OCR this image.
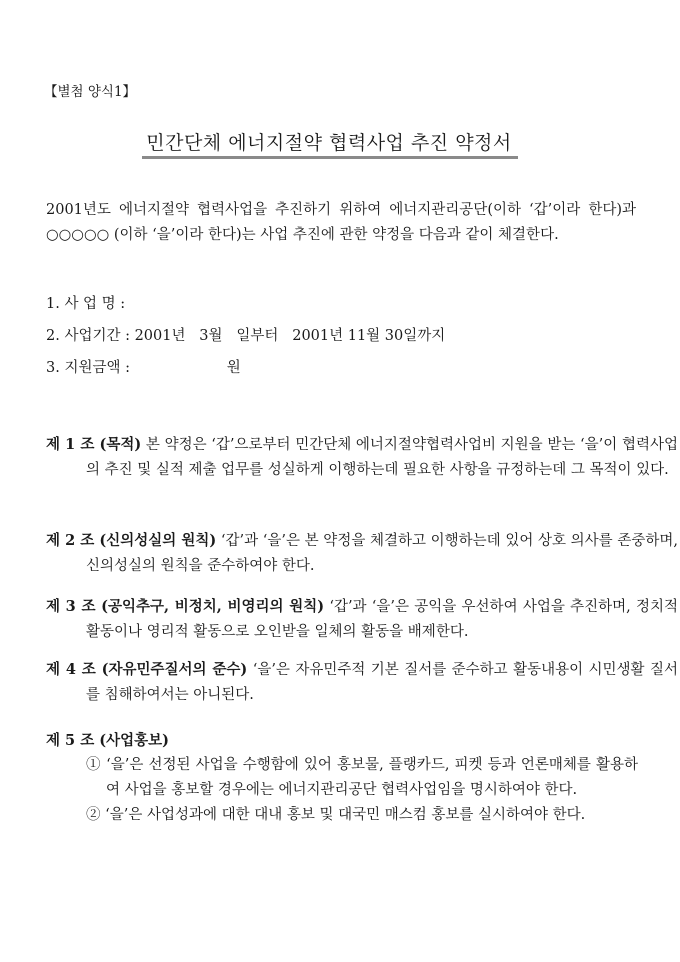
【별첨 양식1】
민간단체 에너지절약 협력사업 추진 약정서
2001년도 에너지절약 협력사업을 추진하기 위하여 에너지관리공단(이하 ‘갑’이라 한다)과 ○○○○○ (이하 ‘을’이라 한다)는 사업 추진에 관한 약정을 다음과 같이 체결한다.
1. 사 업 명 :
2. 사업기간 : 2001년   3월   일부터   2001년 11월 30일까지
3. 지원금액 :                     원
제 1 조 (목적) 본 약정은 ‘갑’으로부터 민간단체 에너지절약협력사업비 지원을 받는 ‘을’이 협력사업의 추진 및 실적 제출 업무를 성실하게 이행하는데 필요한 사항을 규정하는데 그 목적이 있다.
제 2 조 (신의성실의 원칙) ‘갑’과 ‘을’은 본 약정을 체결하고 이행하는데 있어 상호 의사를 존중하며, 신의성실의 원칙을 준수하여야 한다.
제 3 조 (공익추구, 비정치, 비영리의 원칙) ‘갑’과 ‘을’은 공익을 우선하여 사업을 추진하며, 정치적 활동이나 영리적 활동으로 오인받을 일체의 활동을 배제한다.
제 4 조 (자유민주질서의 준수) ‘을’은 자유민주적 기본 질서를 준수하고 활동내용이 시민생활 질서를 침해하여서는 아니된다.
제 5 조 (사업홍보)
① ‘을’은 선정된 사업을 수행함에 있어 홍보물, 플랭카드, 피켓 등과 언론매체를 활용하여 사업을 홍보할 경우에는 에너지관리공단 협력사업임을 명시하여야 한다.
② ‘을’은 사업성과에 대한 대내 홍보 및 대국민 매스컴 홍보를 실시하여야 한다.
